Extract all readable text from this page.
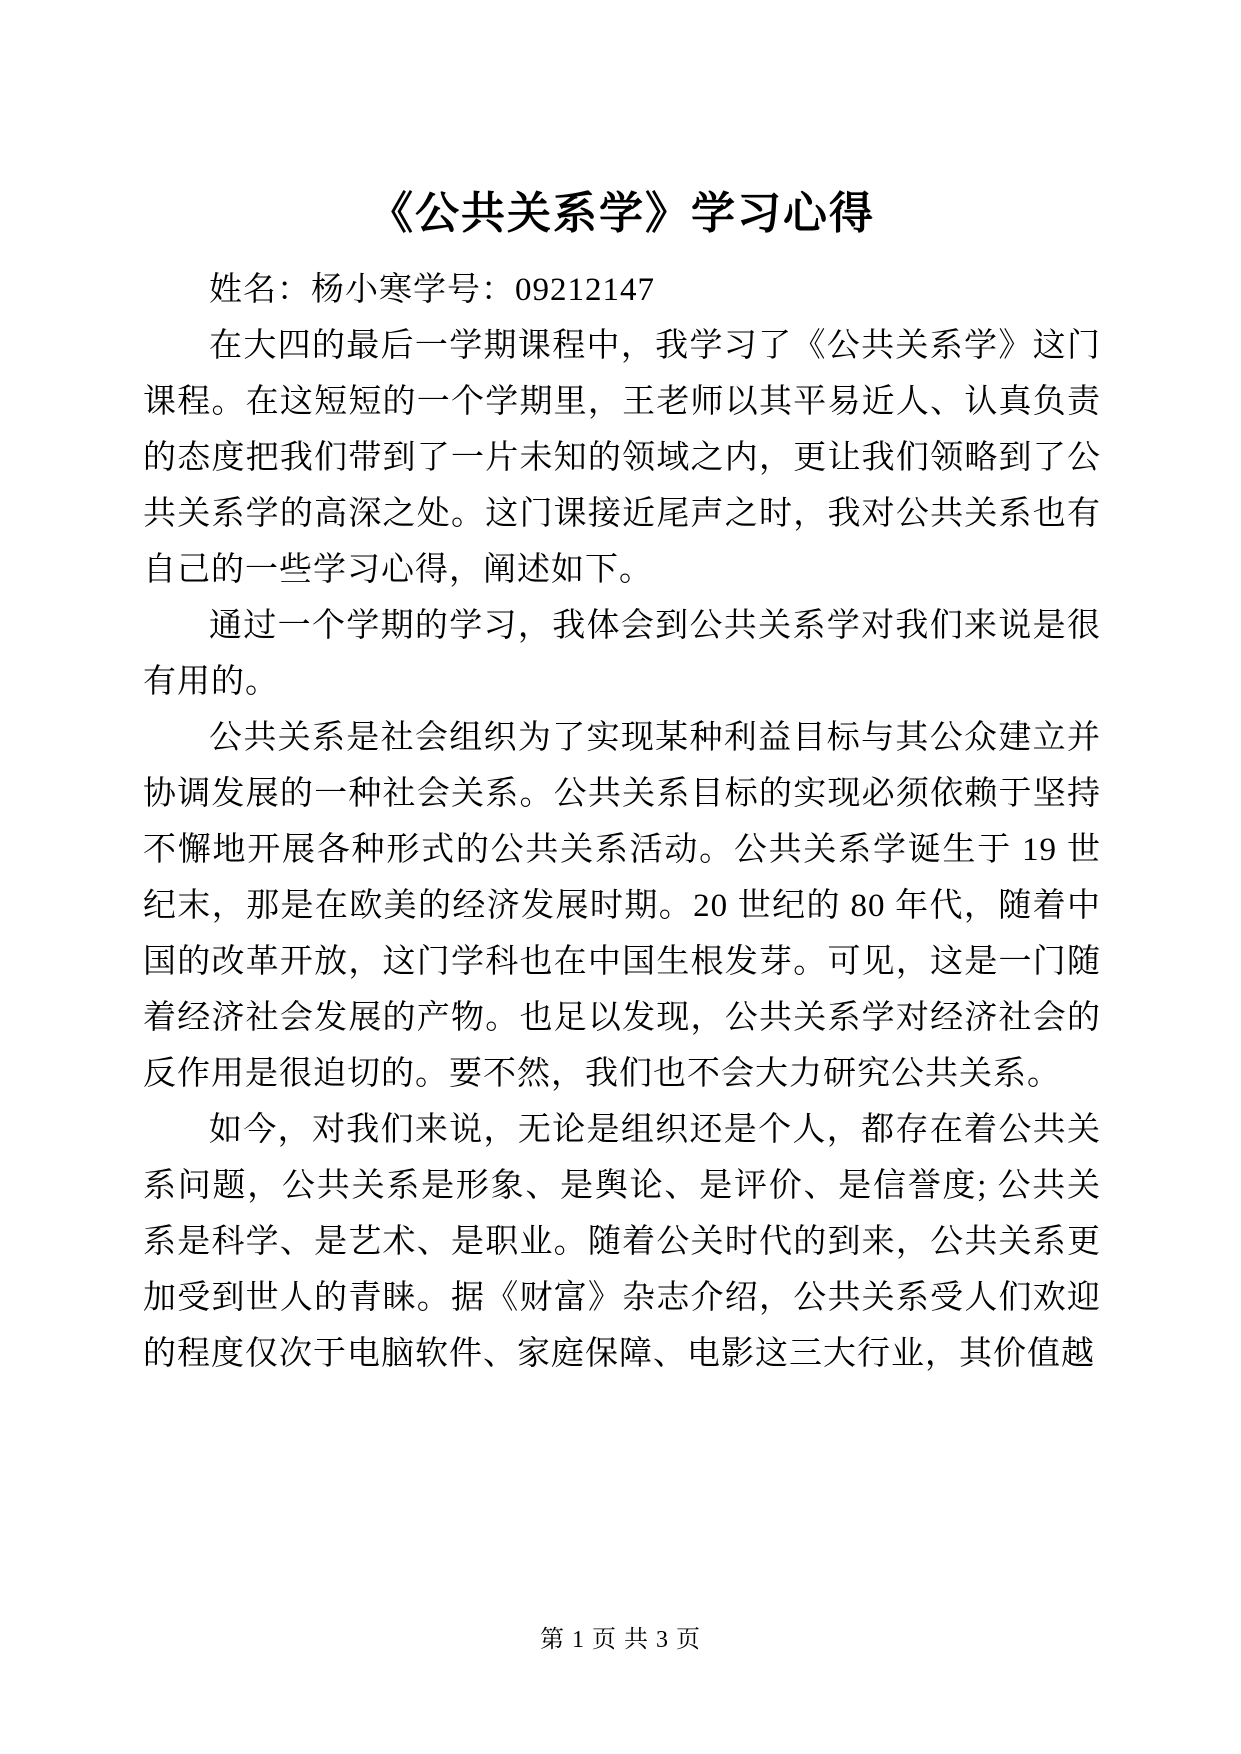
《公共关系学》学习心得

姓名：杨小寒学号：09212147

在大四的最后一学期课程中，我学习了《公共关系学》这门课程。在这短短的一个学期里，王老师以其平易近人、认真负责的态度把我们带到了一片未知的领域之内，更让我们领略到了公共关系学的高深之处。这门课接近尾声之时，我对公共关系也有自己的一些学习心得，阐述如下。

通过一个学期的学习，我体会到公共关系学对我们来说是很有用的。

公共关系是社会组织为了实现某种利益目标与其公众建立并协调发展的一种社会关系。公共关系目标的实现必须依赖于坚持不懈地开展各种形式的公共关系活动。公共关系学诞生于 19 世纪末，那是在欧美的经济发展时期。20 世纪的 80 年代，随着中国的改革开放，这门学科也在中国生根发芽。可见，这是一门随着经济社会发展的产物。也足以发现，公共关系学对经济社会的反作用是很迫切的。要不然，我们也不会大力研究公共关系。

如今，对我们来说，无论是组织还是个人，都存在着公共关系问题，公共关系是形象、是舆论、是评价、是信誉度; 公共关系是科学、是艺术、是职业。随着公关时代的到来，公共关系更加受到世人的青睐。据《财富》杂志介绍，公共关系受人们欢迎的程度仅次于电脑软件、家庭保障、电影这三大行业，其价值越

第 1 页 共 3 页
